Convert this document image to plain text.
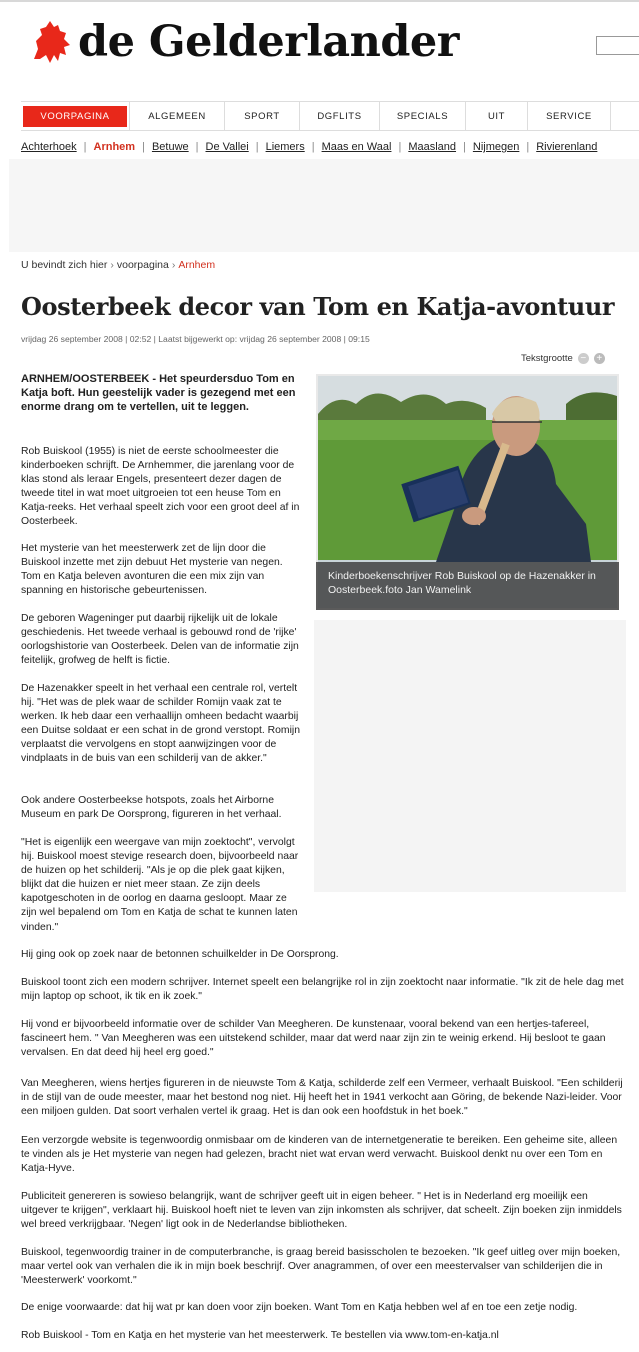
de Gelderlander
VOORPAGINA	ALGEMEEN	SPORT	DGFLITS	SPECIALS	UIT	SERVICE
Achterhoek | Arnhem | Betuwe | De Vallei | Liemers | Maas en Waal | Maasland | Nijmegen | Rivierenland
U bevindt zich hier › voorpagina › Arnhem
Oosterbeek decor van Tom en Katja-avontuur
vrijdag 26 september 2008 | 02:52 | Laatst bijgewerkt op: vrijdag 26 september 2008 | 09:15
Tekstgrootte − +
ARNHEM/OOSTERBEEK - Het speurdersduo Tom en Katja boft. Hun geestelijk vader is gezegend met een enorme drang om te vertellen, uit te leggen.
Kinderboekenschrijver Rob Buiskool op de Hazenakker in Oosterbeek.foto Jan Wamelink

Rob Buiskool (1955) is niet de eerste schoolmeester die kinderboeken schrijft. De Arnhemmer, die jarenlang voor de klas stond als leraar Engels, presenteert dezer dagen de tweede titel in wat moet uitgroeien tot een heuse Tom en Katja-reeks. Het verhaal speelt zich voor een groot deel af in Oosterbeek.

Het mysterie van het meesterwerk zet de lijn door die Buiskool inzette met zijn debuut Het mysterie van negen. Tom en Katja beleven avonturen die een mix zijn van spanning en historische gebeurtenissen.

De geboren Wageninger put daarbij rijkelijk uit de lokale geschiedenis. Het tweede verhaal is gebouwd rond de 'rijke' oorlogshistorie van Oosterbeek. Delen van de informatie zijn feitelijk, grofweg de helft is fictie.

De Hazenakker speelt in het verhaal een centrale rol, vertelt hij. "Het was de plek waar de schilder Romijn vaak zat te werken. Ik heb daar een verhaallijn omheen bedacht waarbij een Duitse soldaat er een schat in de grond verstopt. Romijn verplaatst die vervolgens en stopt aanwijzingen voor de vindplaats in de buis van een schilderij van de akker."

Ook andere Oosterbeekse hotspots, zoals het Airborne Museum en park De Oorsprong, figureren in het verhaal.

"Het is eigenlijk een weergave van mijn zoektocht", vervolgt hij. Buiskool moest stevige research doen, bijvoorbeeld naar de huizen op het schilderij. "Als je op die plek gaat kijken, blijkt dat die huizen er niet meer staan. Ze zijn deels kapotgeschoten in de oorlog en daarna gesloopt. Maar ze zijn wel bepalend om Tom en Katja de schat te kunnen laten vinden."

Hij ging ook op zoek naar de betonnen schuilkelder in De Oorsprong.

Buiskool toont zich een modern schrijver. Internet speelt een belangrijke rol in zijn zoektocht naar informatie. "Ik zit de hele dag met mijn laptop op schoot, ik tik en ik zoek."

Hij vond er bijvoorbeeld informatie over de schilder Van Meegheren. De kunstenaar, vooral bekend van een hertjes-tafereel, fascineert hem. " Van Meegheren was een uitstekend schilder, maar dat werd naar zijn zin te weinig erkend. Hij besloot te gaan vervalsen. En dat deed hij heel erg goed."

Van Meegheren, wiens hertjes figureren in de nieuwste Tom & Katja, schilderde zelf een Vermeer, verhaalt Buiskool. "Een schilderij in de stijl van de oude meester, maar het bestond nog niet. Hij heeft het in 1941 verkocht aan Göring, de bekende Nazi-leider. Voor een miljoen gulden. Dat soort verhalen vertel ik graag. Het is dan ook een hoofdstuk in het boek."

Een verzorgde website is tegenwoordig onmisbaar om de kinderen van de internetgeneratie te bereiken. Een geheime site, alleen te vinden als je Het mysterie van negen had gelezen, bracht niet wat ervan werd verwacht. Buiskool denkt nu over een Tom en Katja-Hyve.

Publiciteit genereren is sowieso belangrijk, want de schrijver geeft uit in eigen beheer. " Het is in Nederland erg moeilijk een uitgever te krijgen", verklaart hij. Buiskool hoeft niet te leven van zijn inkomsten als schrijver, dat scheelt. Zijn boeken zijn inmiddels wel breed verkrijgbaar. 'Negen' ligt ook in de Nederlandse bibliotheken.

Buiskool, tegenwoordig trainer in de computerbranche, is graag bereid basisscholen te bezoeken. "Ik geef uitleg over mijn boeken, maar vertel ook van verhalen die ik in mijn boek beschrijf. Over anagrammen, of over een meestervalser van schilderijen die in 'Meesterwerk' voorkomt."

De enige voorwaarde: dat hij wat pr kan doen voor zijn boeken. Want Tom en Katja hebben wel af en toe een zetje nodig.

Rob Buiskool - Tom en Katja en het mysterie van het meesterwerk. Te bestellen via www.tom-en-katja.nl
